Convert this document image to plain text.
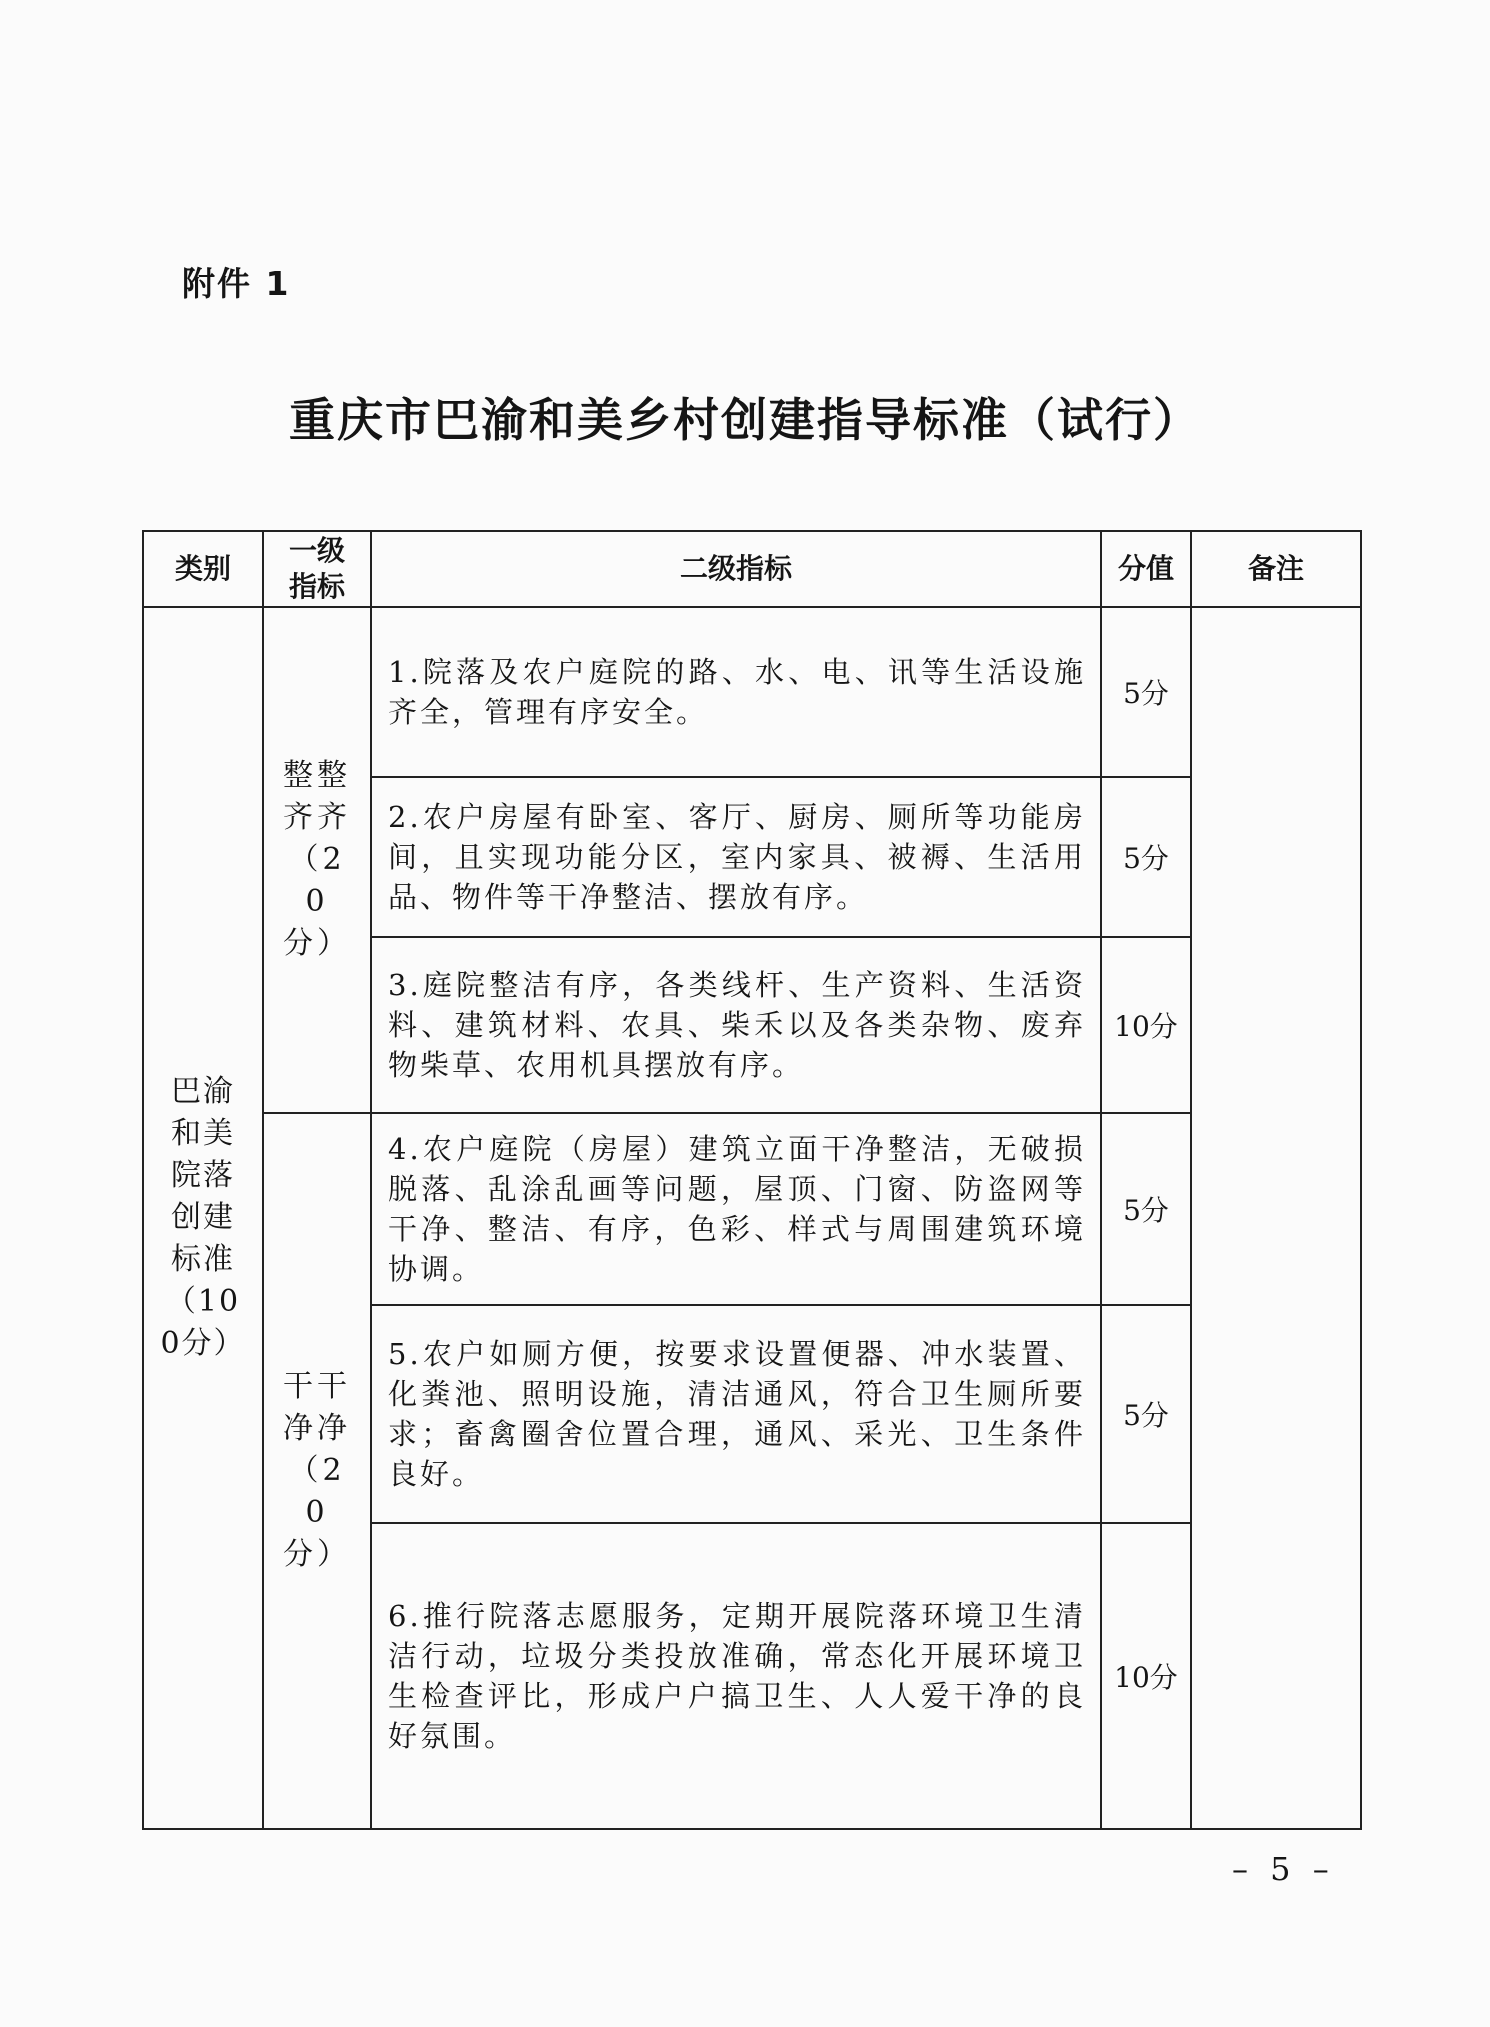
附件 1
重庆市巴渝和美乡村创建指导标准（试行）
类别	一级指标	二级指标	分值	备注
巴渝和美院落创建标准（100分）	整整齐齐（20分）	1.院落及农户庭院的路、水、电、讯等生活设施齐全，管理有序安全。	5分	
		2.农户房屋有卧室、客厅、厨房、厕所等功能房间，且实现功能分区，室内家具、被褥、生活用品、物件等干净整洁、摆放有序。	5分	
		3.庭院整洁有序，各类线杆、生产资料、生活资料、建筑材料、农具、柴禾以及各类杂物、废弃物柴草、农用机具摆放有序。	10分	
	干干净净（20分）	4.农户庭院（房屋）建筑立面干净整洁，无破损脱落、乱涂乱画等问题，屋顶、门窗、防盗网等干净、整洁、有序，色彩、样式与周围建筑环境协调。	5分	
		5.农户如厕方便，按要求设置便器、冲水装置、化粪池、照明设施，清洁通风，符合卫生厕所要求；畜禽圈舍位置合理，通风、采光、卫生条件良好。	5分	
		6.推行院落志愿服务，定期开展院落环境卫生清洁行动，垃圾分类投放准确，常态化开展环境卫生检查评比，形成户户搞卫生、人人爱干净的良好氛围。	10分	
– 5 –
